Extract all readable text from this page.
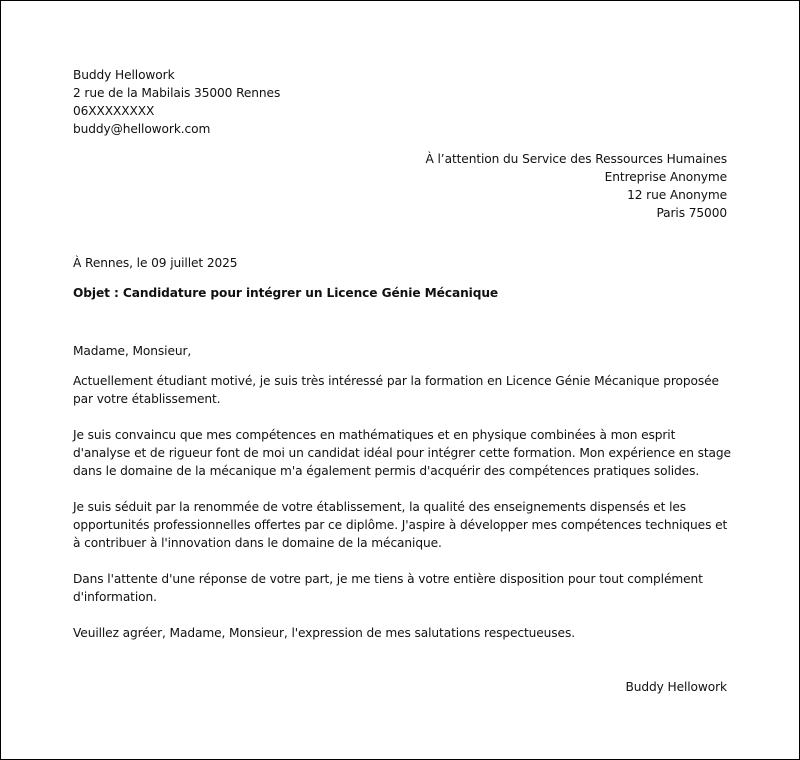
Buddy Hellowork
2 rue de la Mabilais 35000 Rennes
06XXXXXXXX
buddy@hellowork.com
À l’attention du Service des Ressources Humaines
Entreprise Anonyme
12 rue Anonyme
Paris 75000
À Rennes, le 09 juillet 2025
Objet : Candidature pour intégrer un Licence Génie Mécanique
Madame, Monsieur,

Actuellement étudiant motivé, je suis très intéressé par la formation en Licence Génie Mécanique proposée par votre établissement.

Je suis convaincu que mes compétences en mathématiques et en physique combinées à mon esprit d'analyse et de rigueur font de moi un candidat idéal pour intégrer cette formation. Mon expérience en stage dans le domaine de la mécanique m'a également permis d'acquérir des compétences pratiques solides.

Je suis séduit par la renommée de votre établissement, la qualité des enseignements dispensés et les opportunités professionnelles offertes par ce diplôme. J'aspire à développer mes compétences techniques et à contribuer à l'innovation dans le domaine de la mécanique.

Dans l'attente d'une réponse de votre part, je me tiens à votre entière disposition pour tout complément d'information.

Veuillez agréer, Madame, Monsieur, l'expression de mes salutations respectueuses.

Buddy Hellowork
